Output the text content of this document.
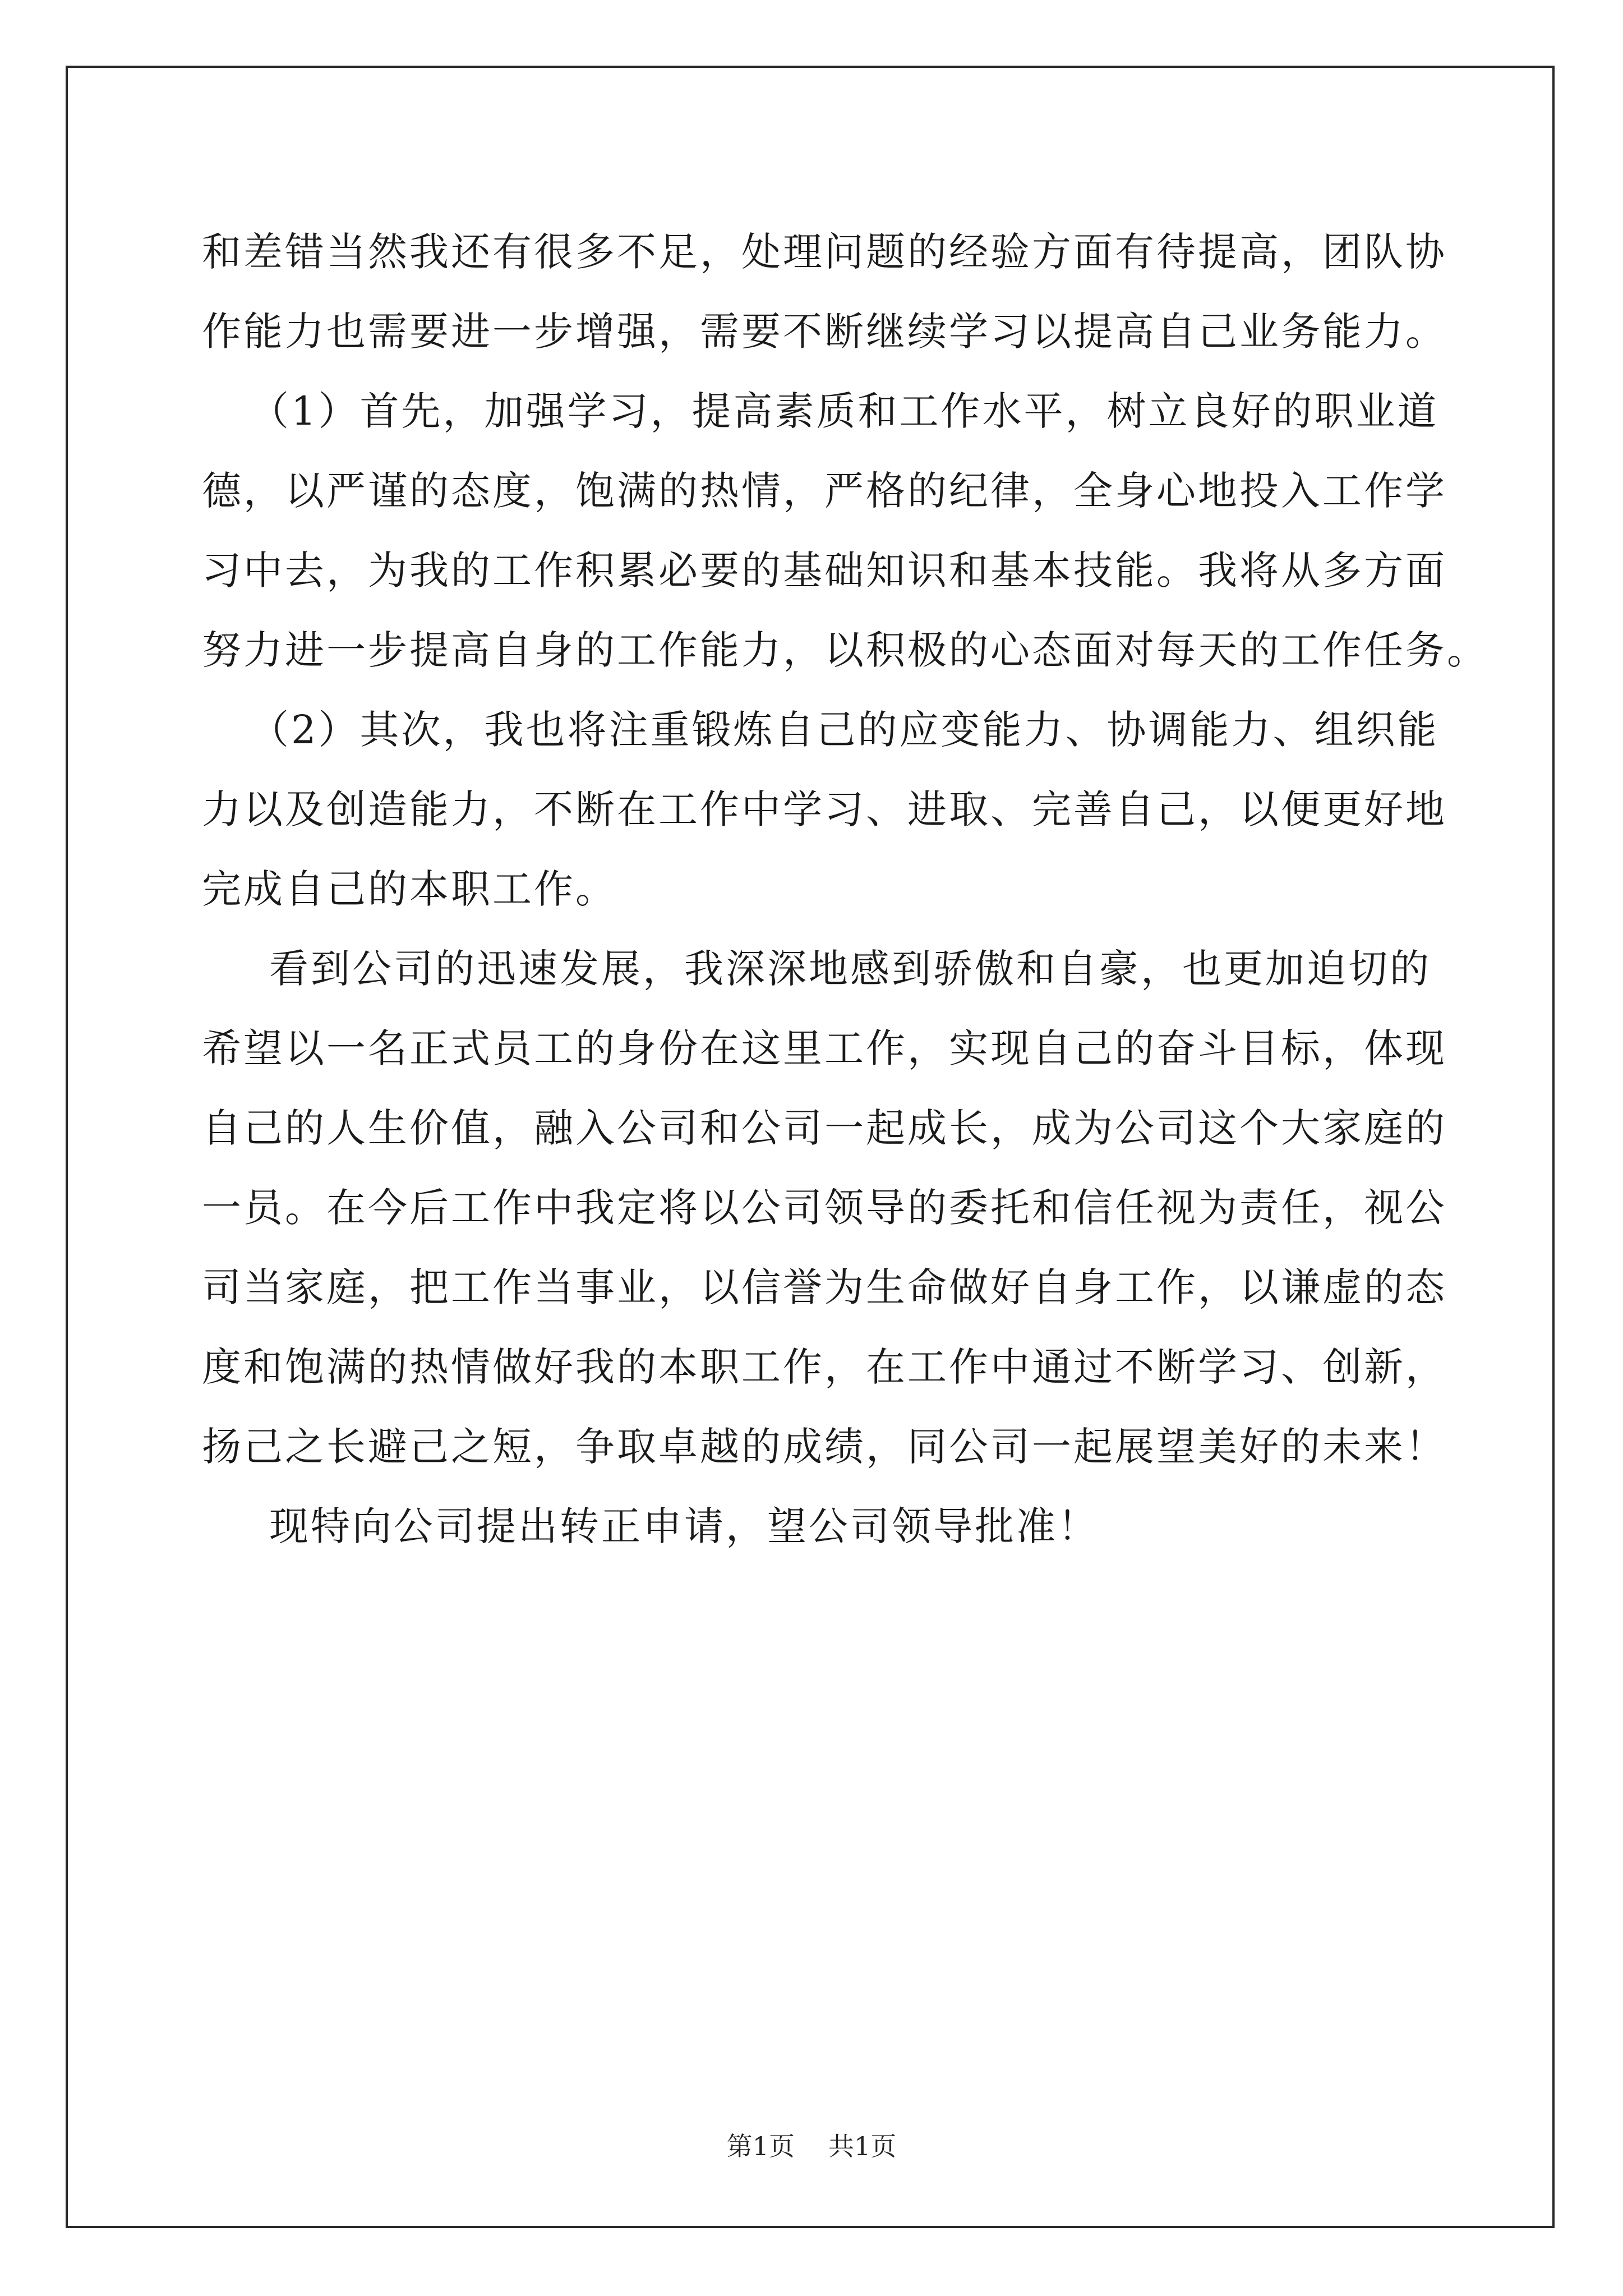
和差错当然我还有很多不足，处理问题的经验方面有待提高，团队协
作能力也需要进一步增强，需要不断继续学习以提高自己业务能力。
（1）首先，加强学习，提高素质和工作水平，树立良好的职业道
德，以严谨的态度，饱满的热情，严格的纪律，全身心地投入工作学
习中去，为我的工作积累必要的基础知识和基本技能。我将从多方面
努力进一步提高自身的工作能力，以积极的心态面对每天的工作任务。
（2）其次，我也将注重锻炼自己的应变能力、协调能力、组织能
力以及创造能力，不断在工作中学习、进取、完善自己，以便更好地
完成自己的本职工作。
看到公司的迅速发展，我深深地感到骄傲和自豪，也更加迫切的
希望以一名正式员工的身份在这里工作，实现自己的奋斗目标，体现
自己的人生价值，融入公司和公司一起成长，成为公司这个大家庭的
一员。在今后工作中我定将以公司领导的委托和信任视为责任，视公
司当家庭，把工作当事业，以信誉为生命做好自身工作，以谦虚的态
度和饱满的热情做好我的本职工作，在工作中通过不断学习、创新，
扬己之长避己之短，争取卓越的成绩，同公司一起展望美好的未来！
现特向公司提出转正申请，望公司领导批准！
第1页 共1页
